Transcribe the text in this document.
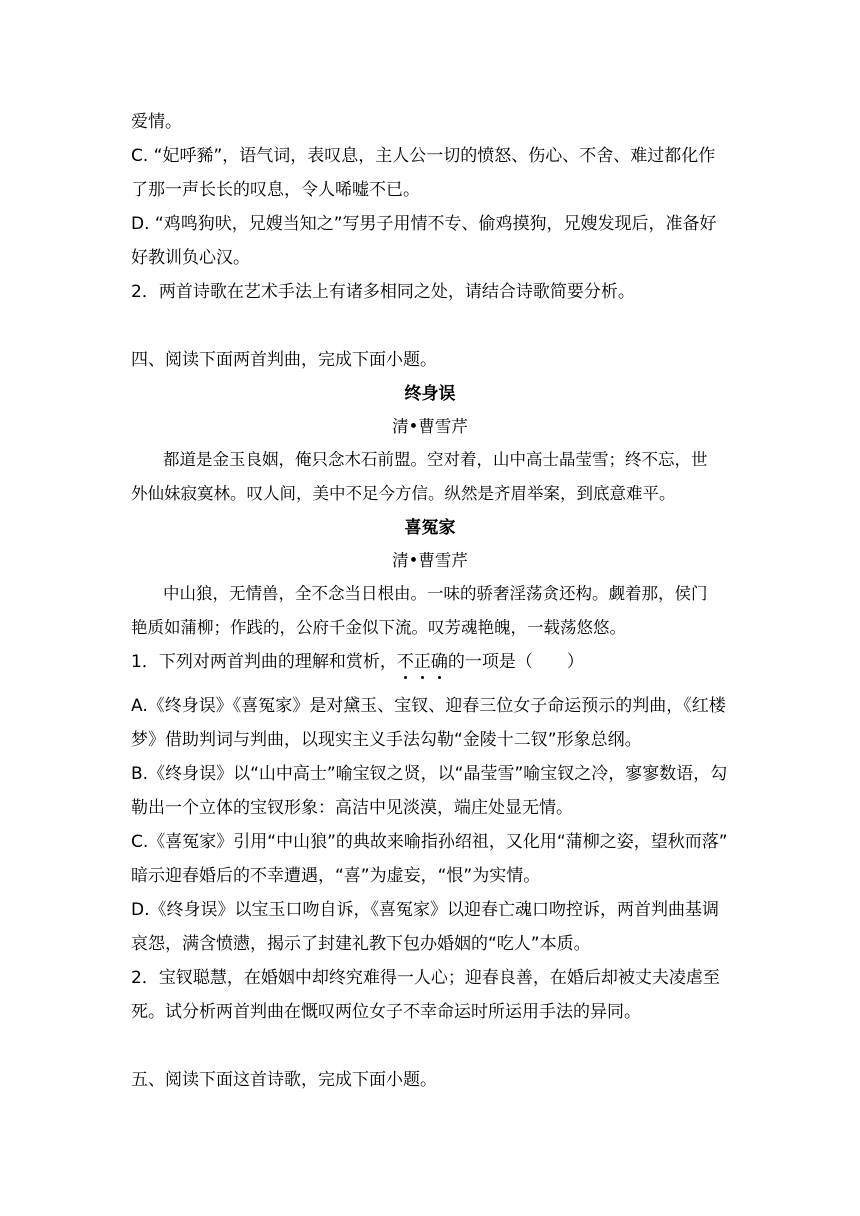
爱情。
C. “妃呼豨”，语气词，表叹息，主人公一切的愤怒、伤心、不舍、难过都化作
了那一声长长的叹息，令人唏嘘不已。
D. “鸡鸣狗吠，兄嫂当知之”写男子用情不专、偷鸡摸狗，兄嫂发现后，准备好
好教训负心汉。
2．两首诗歌在艺术手法上有诸多相同之处，请结合诗歌简要分析。
四、阅读下面两首判曲，完成下面小题。
终身误
清•曹雪芹
都道是金玉良姻，俺只念木石前盟。空对着，山中高士晶莹雪；终不忘，世
外仙妹寂寞林。叹人间，美中不足今方信。纵然是齐眉举案，到底意难平。
喜冤家
清•曹雪芹
中山狼，无情兽，全不念当日根由。一味的骄奢淫荡贪还构。觑着那，侯门
艳质如蒲柳；作践的，公府千金似下流。叹芳魂艳魄，一载荡悠悠。
1．下列对两首判曲的理解和赏析，不正确的一项是（　　）
A.《终身误》《喜冤家》是对黛玉、宝钗、迎春三位女子命运预示的判曲，《红楼
梦》借助判词与判曲，以现实主义手法勾勒“金陵十二钗”形象总纲。
B.《终身误》以“山中高士”喻宝钗之贤，以“晶莹雪”喻宝钗之冷，寥寥数语，勾
勒出一个立体的宝钗形象：高洁中见淡漠，端庄处显无情。
C.《喜冤家》引用“中山狼”的典故来喻指孙绍祖，又化用“蒲柳之姿，望秋而落”
暗示迎春婚后的不幸遭遇，“喜”为虚妄，“恨”为实情。
D.《终身误》以宝玉口吻自诉，《喜冤家》以迎春亡魂口吻控诉，两首判曲基调
哀怨，满含愤懑，揭示了封建礼教下包办婚姻的“吃人”本质。
2．宝钗聪慧，在婚姻中却终究难得一人心；迎春良善，在婚后却被丈夫凌虐至
死。试分析两首判曲在慨叹两位女子不幸命运时所运用手法的异同。
五、阅读下面这首诗歌，完成下面小题。
